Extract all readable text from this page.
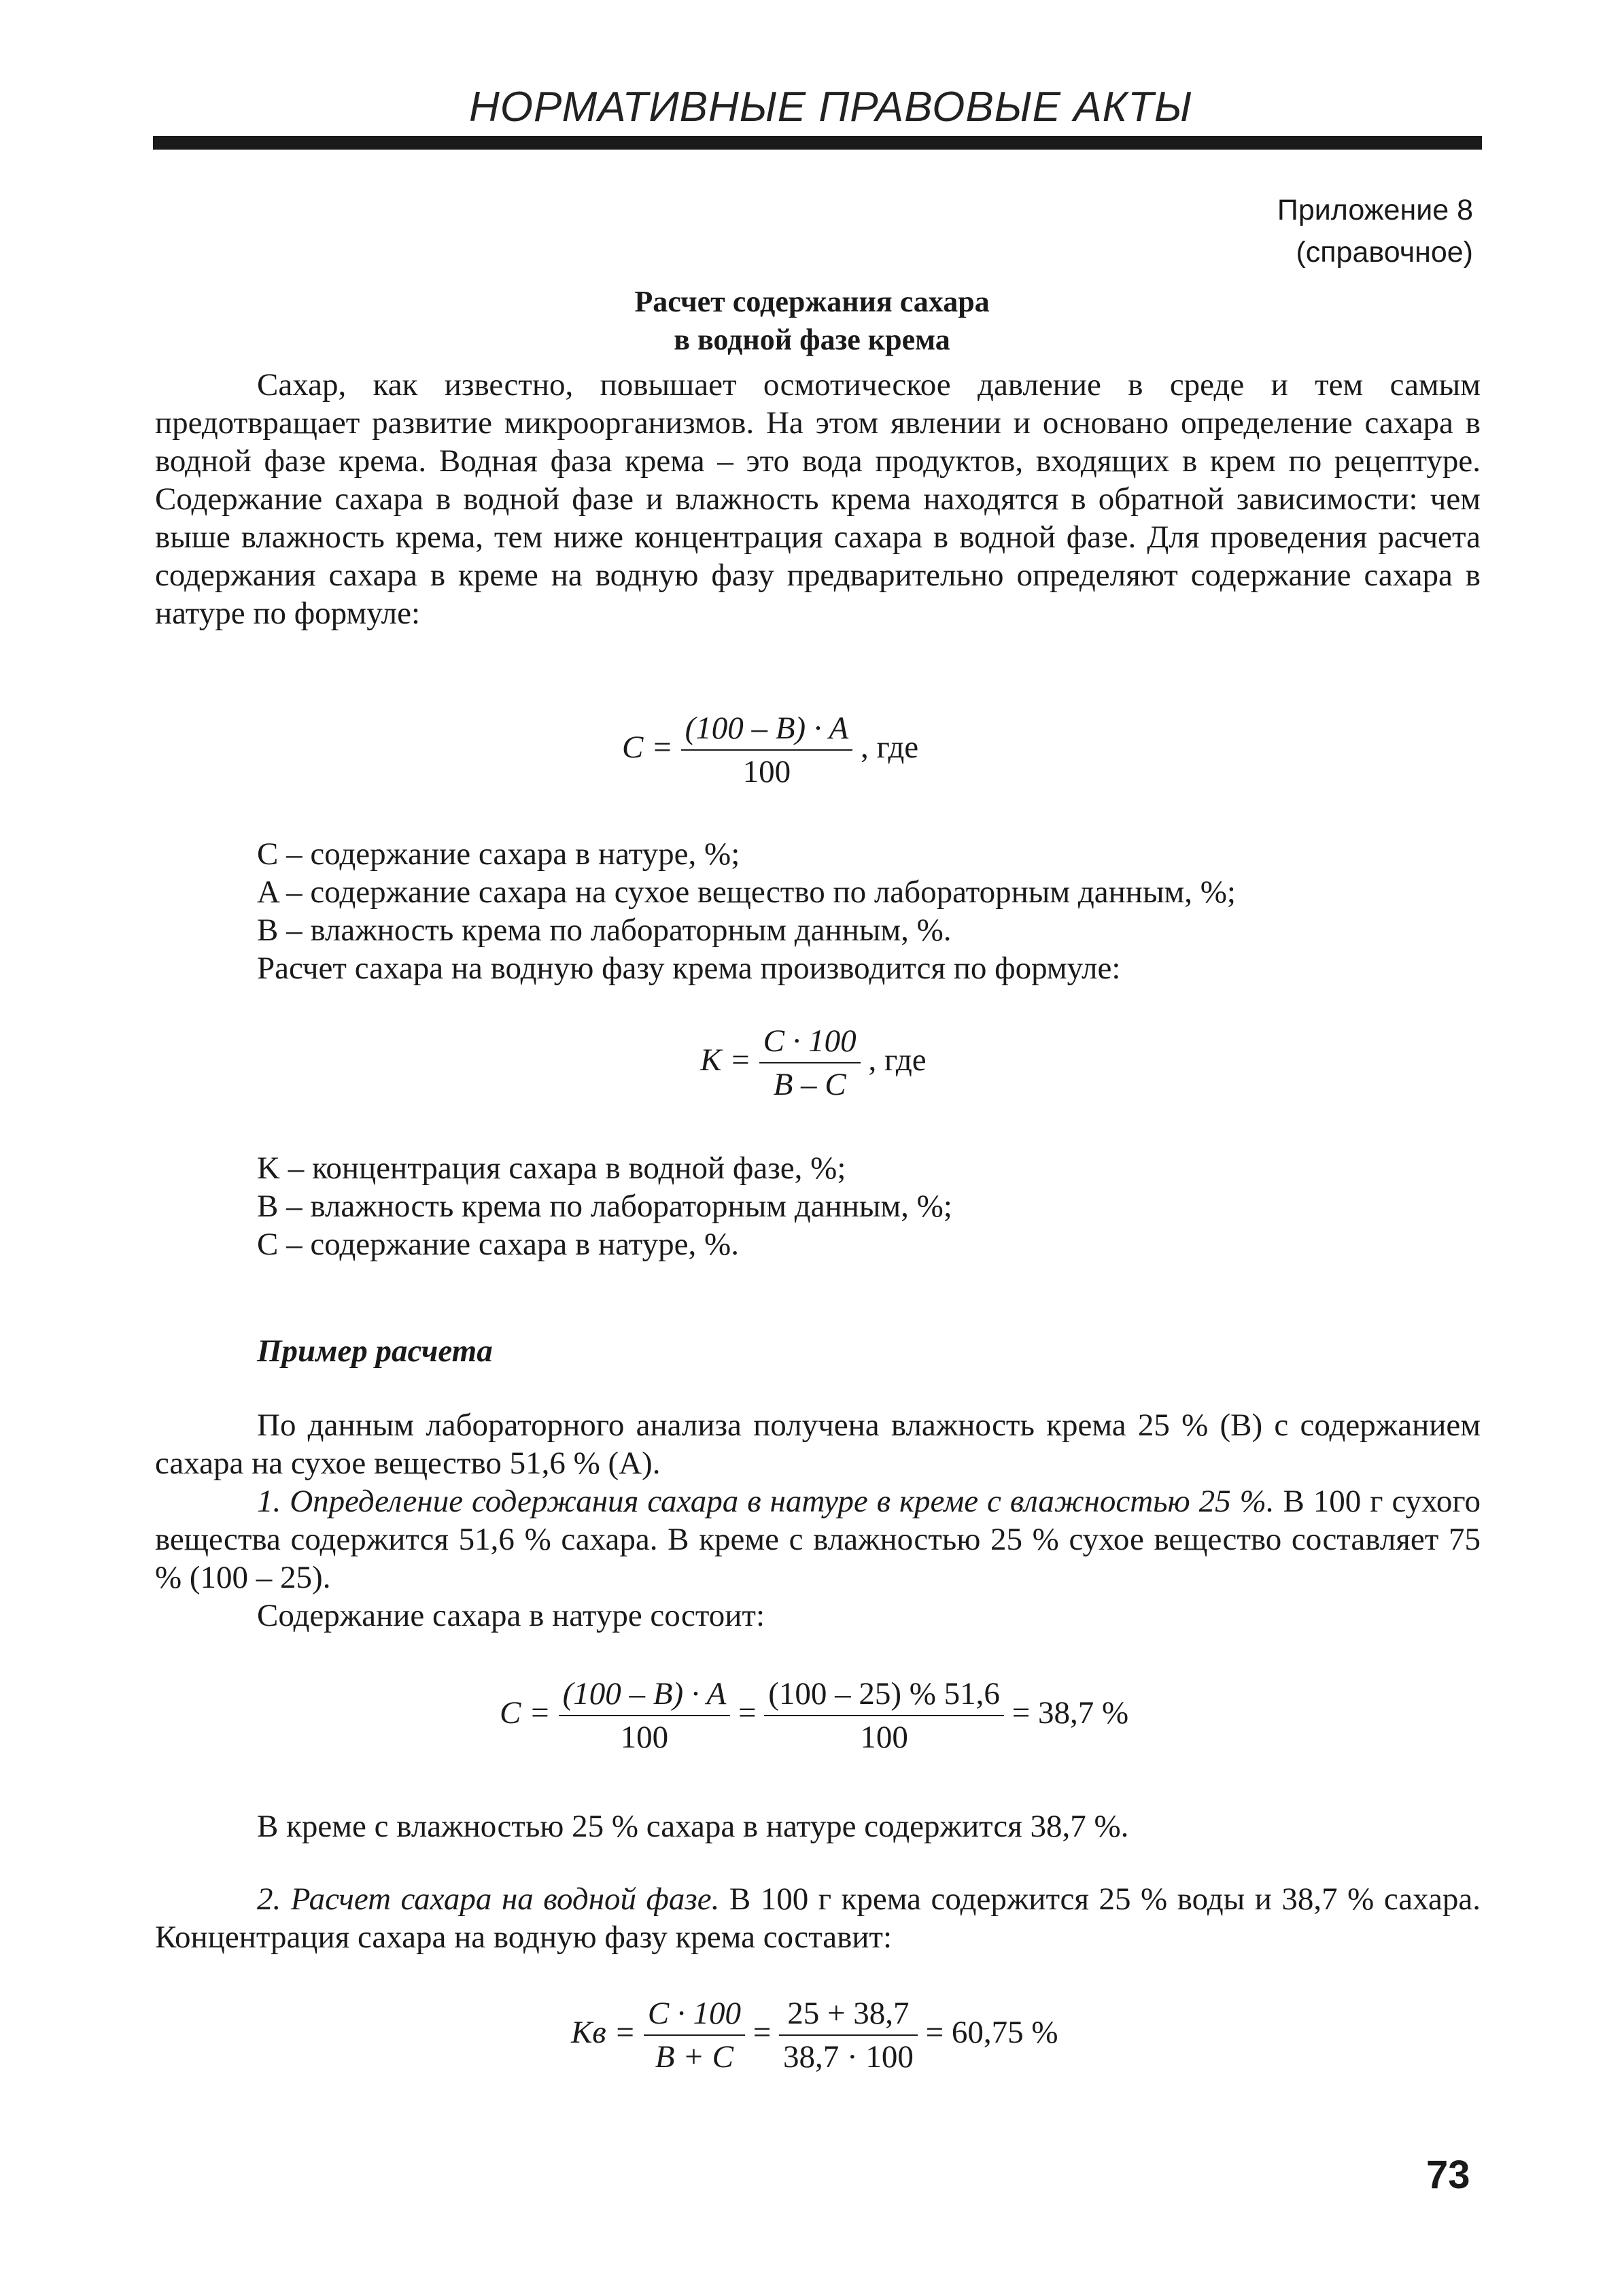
НОРМАТИВНЫЕ ПРАВОВЫЕ АКТЫ
Приложение 8
(справочное)
Расчет содержания сахара
в водной фазе крема
Сахар, как известно, повышает осмотическое давление в среде и тем самым предотвращает развитие микроорганизмов. На этом явлении и основано определение сахара в водной фазе крема. Водная фаза крема – это вода продуктов, входящих в крем по рецептуре. Содержание сахара в водной фазе и влажность крема находятся в обратной зависимости: чем выше влажность крема, тем ниже концентрация сахара в водной фазе. Для проведения расчета содержания сахара в креме на водную фазу предварительно определяют содержание сахара в натуре по формуле:
$C = \frac{(100 - B) \cdot A}{100}$ , где
C – содержание сахара в натуре, %;
A – содержание сахара на сухое вещество по лабораторным данным, %;
B – влажность крема по лабораторным данным, %.
Расчет сахара на водную фазу крема производится по формуле:
$K = \frac{C \cdot 100}{B - C}$ , где
K – концентрация сахара в водной фазе, %;
B – влажность крема по лабораторным данным, %;
C – содержание сахара в натуре, %.
Пример расчета
По данным лабораторного анализа получена влажность крема 25 % (B) с содержанием сахара на сухое вещество 51,6 % (A).
1. Определение содержания сахара в натуре в креме с влажностью 25 %. В 100 г сухого вещества содержится 51,6 % сахара. В креме с влажностью 25 % сухое вещество составляет 75 % (100 – 25).
Содержание сахара в натуре состоит:
$C = \frac{(100 - B) \cdot A}{100} = \frac{(100 - 25) \% 51,6}{100} = 38,7$ %
В креме с влажностью 25 % сахара в натуре содержится 38,7 %.
2. Расчет сахара на водной фазе. В 100 г крема содержится 25 % воды и 38,7 % сахара. Концентрация сахара на водную фазу крема составит:
Кв = $\frac{C \cdot 100}{B + C} = \frac{25 + 38,7}{38,7 \cdot 100} = 60,75$ %
73
